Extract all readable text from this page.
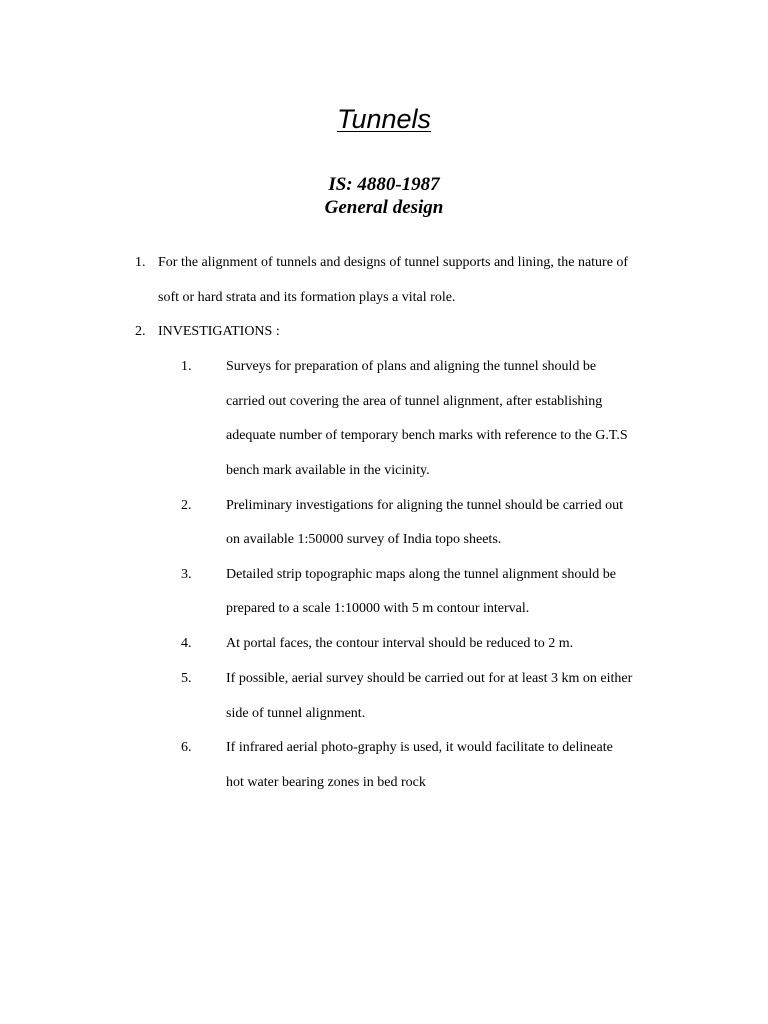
Tunnels
IS: 4880-1987
General design
1. For the alignment of tunnels and designs of tunnel supports and lining, the nature of
soft or hard strata and its formation plays a vital role.
2. INVESTIGATIONS :
1. Surveys for preparation of plans and aligning the tunnel should be
carried out covering the area of tunnel alignment, after establishing
adequate number of temporary bench marks with reference to the G.T.S
bench mark available in the vicinity.
2. Preliminary investigations for aligning the tunnel should be carried out
on available 1:50000 survey of India topo sheets.
3. Detailed strip topographic maps along the tunnel alignment should be
prepared to a scale 1:10000 with 5 m contour interval.
4. At portal faces, the contour interval should be reduced to 2 m.
5. If possible, aerial survey should be carried out for at least 3 km on either
side of tunnel alignment.
6. If infrared aerial photo-graphy is used, it would facilitate to delineate
hot water bearing zones in bed rock
